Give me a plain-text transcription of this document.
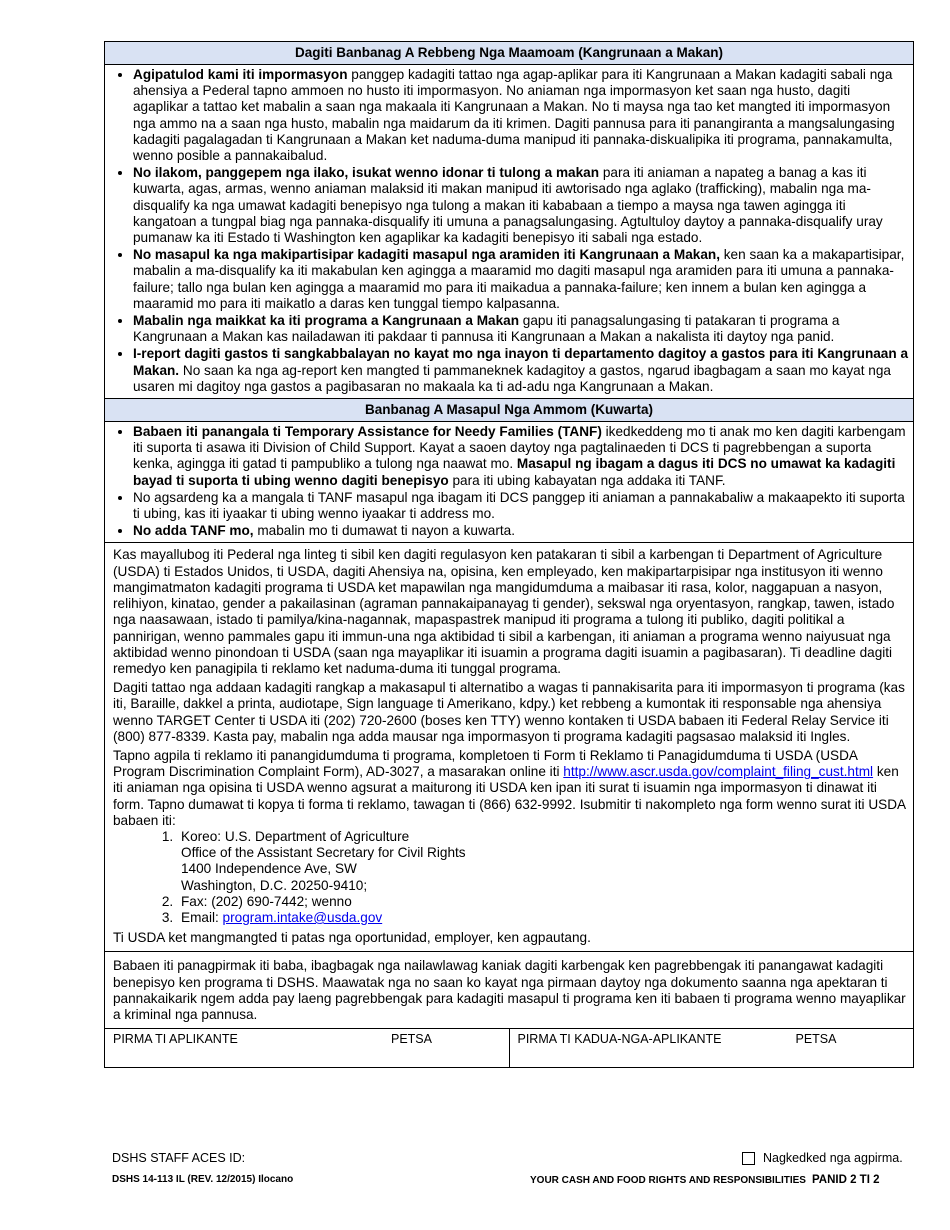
Dagiti Banbanag A Rebbeng Nga Maamoam (Kangrunaan a Makan)
• Agipatulod kami iti impormasyon panggep kadagiti tattao nga agap-aplikar para iti Kangrunaan a Makan kadagiti sabali nga ahensiya a Pederal tapno ammoen no husto iti impormasyon. No aniaman nga impormasyon ket saan nga husto, dagiti agaplikar a tattao ket mabalin a saan nga makaala iti Kangrunaan a Makan. No ti maysa nga tao ket mangted iti impormasyon nga ammo na a saan nga husto, mabalin nga maidarum da iti krimen. Dagiti pannusa para iti panangiranta a mangsalungasing kadagiti pagalagadan ti Kangrunaan a Makan ket naduma-duma manipud iti pannaka-diskualipika iti programa, pannakamulta, wenno posible a pannakaibalud.
• No ilakom, panggepem nga ilako, isukat wenno idonar ti tulong a makan para iti aniaman a napateg a banag a kas iti kuwarta, agas, armas, wenno aniaman malaksid iti makan manipud iti awtorisado nga aglako (trafficking), mabalin nga ma-disqualify ka nga umawat kadagiti benepisyo nga tulong a makan iti kababaan a tiempo a maysa nga tawen agingga iti kangatoan a tungpal biag nga pannaka-disqualify iti umuna a panagsalungasing. Agtultuloy daytoy a pannaka-disqualify uray pumanaw ka iti Estado ti Washington ken agaplikar ka kadagiti benepisyo iti sabali nga estado.
• No masapul ka nga makipartisipar kadagiti masapul nga aramiden iti Kangrunaan a Makan, ken saan ka a makapartisipar, mabalin a ma-disqualify ka iti makabulan ken agingga a maaramid mo dagiti masapul nga aramiden para iti umuna a pannaka-failure; tallo nga bulan ken agingga a maaramid mo para iti maikadua a pannaka-failure; ken innem a bulan ken agingga a maaramid mo para iti maikatlo a daras ken tunggal tiempo kalpasanna.
• Mabalin nga maikkat ka iti programa a Kangrunaan a Makan gapu iti panagsalungasing ti patakaran ti programa a Kangrunaan a Makan kas nailadawan iti pakdaar ti pannusa iti Kangrunaan a Makan a nakalista iti daytoy nga panid.
• I-report dagiti gastos ti sangkabbalayan no kayat mo nga inayon ti departamento dagitoy a gastos para iti Kangrunaan a Makan. No saan ka nga ag-report ken mangted ti pammaneknek kadagitoy a gastos, ngarud ibagbagam a saan mo kayat nga usaren mi dagitoy nga gastos a pagibasaran no makaala ka ti ad-adu nga Kangrunaan a Makan.
Banbanag A Masapul Nga Ammom (Kuwarta)
• Babaen iti panangala ti Temporary Assistance for Needy Families (TANF) ikedkeddeng mo ti anak mo ken dagiti karbengam iti suporta ti asawa iti Division of Child Support. Kayat a saoen daytoy nga pagtalinaeden ti DCS ti pagrebbengan a suporta kenka, agingga iti gatad ti pampubliko a tulong nga naawat mo. Masapul ng ibagam a dagus iti DCS no umawat ka kadagiti bayad ti suporta ti ubing wenno dagiti benepisyo para iti ubing kabayatan nga addaka iti TANF.
• No agsardeng ka a mangala ti TANF masapul nga ibagam iti DCS panggep iti aniaman a pannakabaliw a makaapekto iti suporta ti ubing, kas iti iyaakar ti ubing wenno iyaakar ti address mo.
• No adda TANF mo, mabalin mo ti dumawat ti nayon a kuwarta.

Kas mayallubog iti Pederal nga linteg ti sibil ken dagiti regulasyon ken patakaran ti sibil a karbengan ti Department of Agriculture (USDA) ti Estados Unidos, ti USDA, dagiti Ahensiya na, opisina, ken empleyado, ken makipartarpisipar nga institusyon iti wenno mangimatmaton kadagiti programa ti USDA ket mapawilan nga mangidumduma a maibasar iti rasa, kolor, naggapuan a nasyon, relihiyon, kinatao, gender a pakailasinan (agraman pannakaipanayag ti gender), sekswal nga oryentasyon, rangkap, tawen, istado nga naasawaan, istado ti pamilya/kina-nagannak, mapaspastrek manipud iti programa a tulong iti publiko, dagiti politikal a pannirigan, wenno pammales gapu iti immun-una nga aktibidad ti sibil a karbengan, iti aniaman a programa wenno naiyusuat nga aktibidad wenno pinondoan ti USDA (saan nga mayaplikar iti isuamin a programa dagiti isuamin a pagibasaran). Ti deadline dagiti remedyo ken panagipila ti reklamo ket naduma-duma iti tunggal programa.

Dagiti tattao nga addaan kadagiti rangkap a makasapul ti alternatibo a wagas ti pannakisarita para iti impormasyon ti programa (kas iti, Baraille, dakkel a printa, audiotape, Sign language ti Amerikano, kdpy.) ket rebbeng a kumontak iti responsable nga ahensiya wenno TARGET Center ti USDA iti (202) 720-2600 (boses ken TTY) wenno kontaken ti USDA babaen iti Federal Relay Service iti (800) 877-8339. Kasta pay, mabalin nga adda mausar nga impormasyon ti programa kadagiti pagsasao malaksid iti Ingles.

Tapno agpila ti reklamo iti panangidumduma ti programa, kompletoen ti Form ti Reklamo ti Panagidumduma ti USDA (USDA Program Discrimination Complaint Form), AD-3027, a masarakan online iti http://www.ascr.usda.gov/complaint_filing_cust.html ken iti aniaman nga opisina ti USDA wenno agsurat a maiturong iti USDA ken ipan iti surat ti isuamin nga impormasyon ti dinawat iti form. Tapno dumawat ti kopya ti forma ti reklamo, tawagan ti (866) 632-9992. Isubmitir ti nakompleto nga form wenno surat iti USDA babaen iti:

1. Koreo: U.S. Department of Agriculture
Office of the Assistant Secretary for Civil Rights
1400 Independence Ave, SW
Washington, D.C. 20250-9410;
2. Fax: (202) 690-7442; wenno
3. Email: program.intake@usda.gov

Ti USDA ket mangmangted ti patas nga oportunidad, employer, ken agpautang.

Babaen iti panagpirmak iti baba, ibagbagak nga nailawlawag kaniak dagiti karbengak ken pagrebbengak iti panangawat kadagiti benepisyo ken programa ti DSHS. Maawatak nga no saan ko kayat nga pirmaan daytoy nga dokumento saanna nga apektaran ti pannakaikarik ngem adda pay laeng pagrebbengak para kadagiti masapul ti programa ken iti babaen ti programa wenno mayaplikar a kriminal nga pannusa.

PIRMA TI APLIKANTE	PETSA	PIRMA TI KADUA-NGA-APLIKANTE	PETSA
DSHS STAFF ACES ID:	Nagkedked nga agpirma.
DSHS 14-113 IL (REV. 12/2015) Ilocano	YOUR CASH AND FOOD RIGHTS AND RESPONSIBILITIES PANID 2 TI 2
